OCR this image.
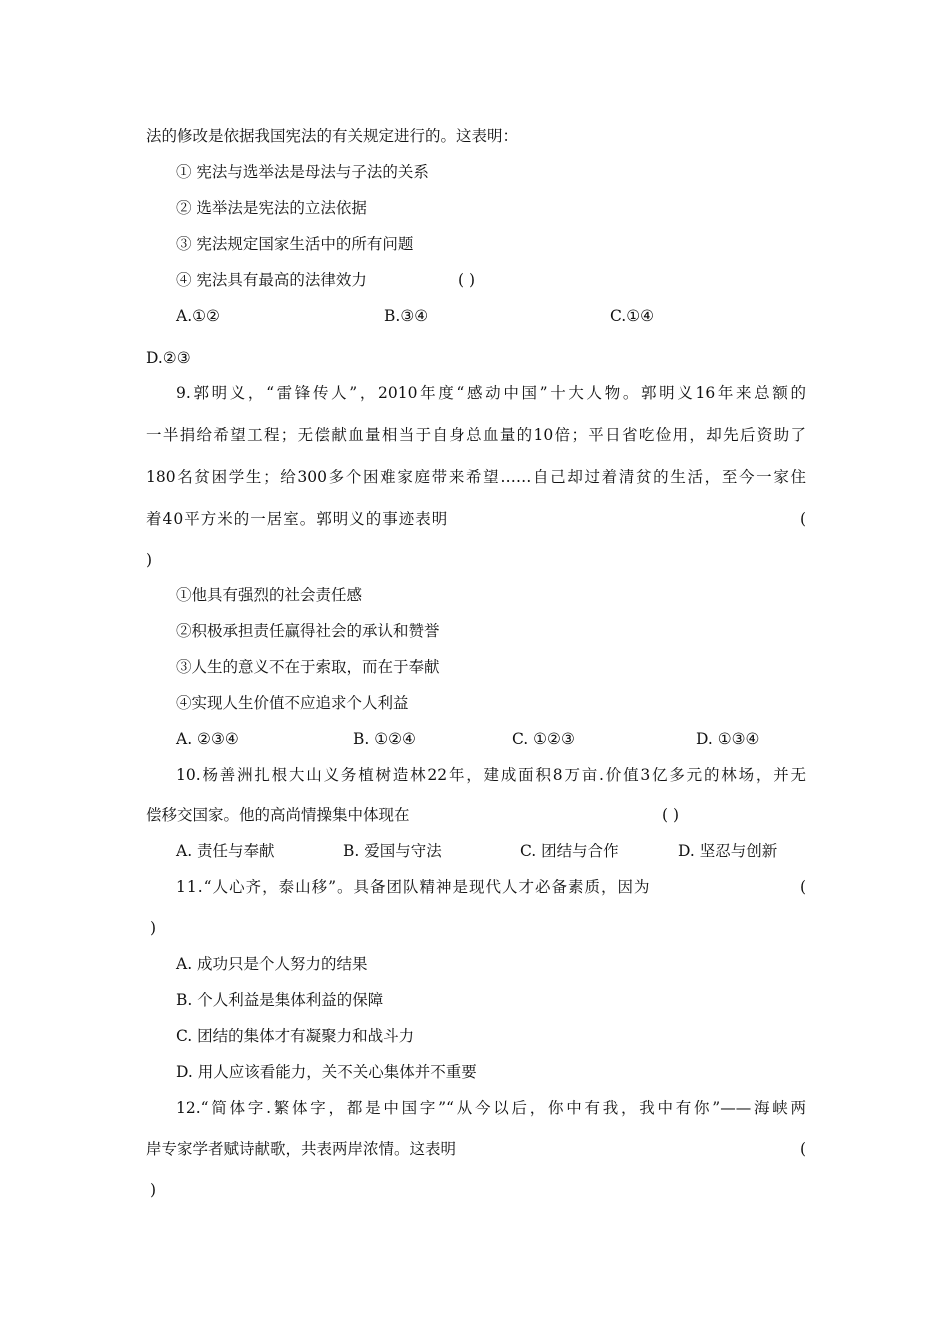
法的修改是依据我国宪法的有关规定进行的。这表明：
① 宪法与选举法是母法与子法的关系
② 选举法是宪法的立法依据
③ 宪法规定国家生活中的所有问题
④ 宪法具有最高的法律效力	( )
A.①②	B.③④	C.①④
D.②③
9.郭明义，“雷锋传人”，2010年度“感动中国”十大人物。郭明义16年来总额的
一半捐给希望工程；无偿献血量相当于自身总血量的10倍；平日省吃俭用，却先后资助了
180名贫困学生；给300多个困难家庭带来希望……自己却过着清贫的生活，至今一家住
着40平方米的一居室。郭明义的事迹表明	(
)
①他具有强烈的社会责任感
②积极承担责任赢得社会的承认和赞誉
③人生的意义不在于索取，而在于奉献
④实现人生价值不应追求个人利益
A. ②③④	B. ①②④	C. ①②③	D. ①③④
10.杨善洲扎根大山义务植树造林22年，建成面积8万亩.价值3亿多元的林场，并无
偿移交国家。他的高尚情操集中体现在	( )
A. 责任与奉献	B. 爱国与守法	C. 团结与合作	D. 坚忍与创新
11.“人心齐，泰山移”。具备团队精神是现代人才必备素质，因为	(
)
A. 成功只是个人努力的结果
B. 个人利益是集体利益的保障
C. 团结的集体才有凝聚力和战斗力
D. 用人应该看能力，关不关心集体并不重要
12.“简体字.繁体字，都是中国字”“从今以后，你中有我，我中有你”——海峡两
岸专家学者赋诗献歌，共表两岸浓情。这表明	(
)
